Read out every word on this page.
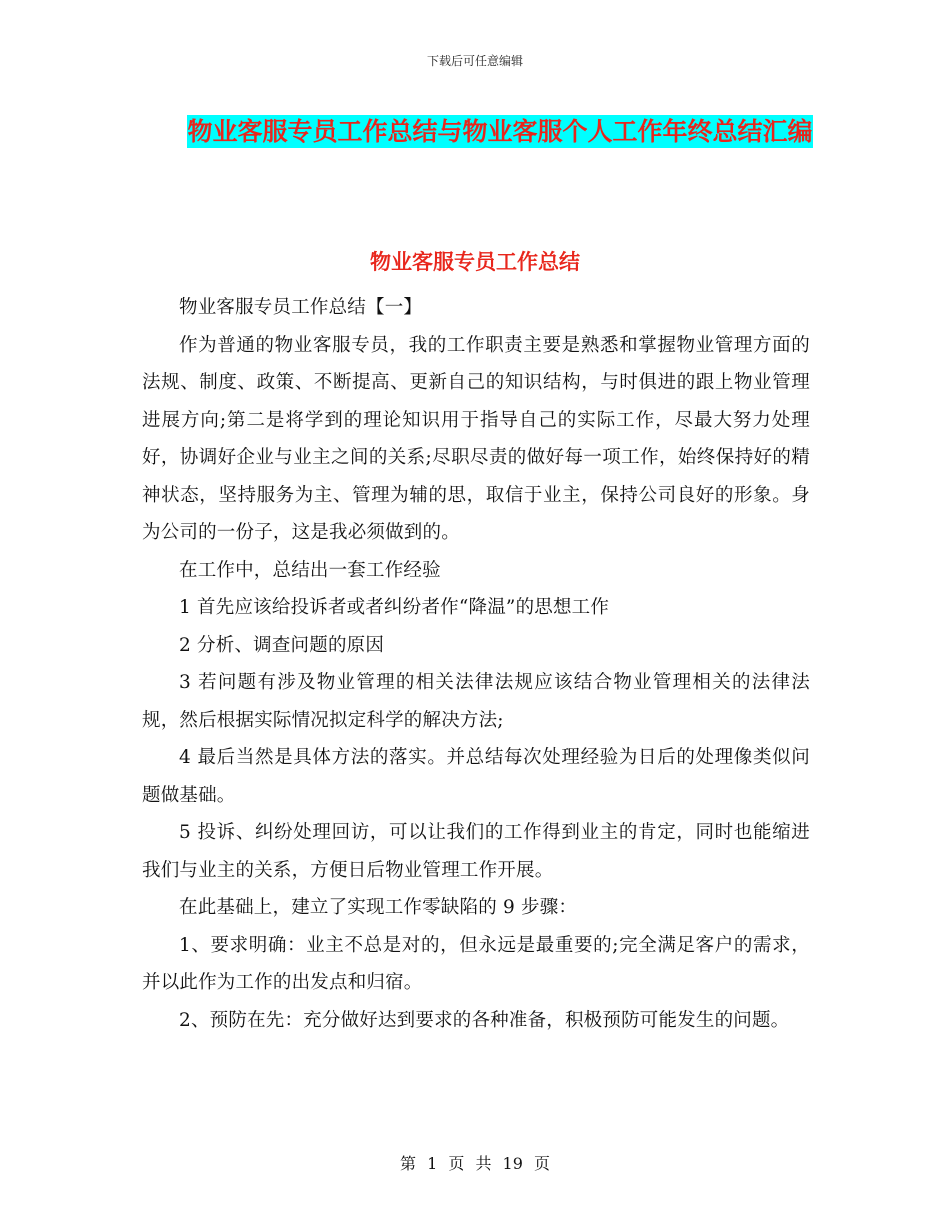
下载后可任意编辑
物业客服专员工作总结与物业客服个人工作年终总结汇编
物业客服专员工作总结

物业客服专员工作总结【一】

作为普通的物业客服专员，我的工作职责主要是熟悉和掌握物业管理方面的法规、制度、政策、不断提高、更新自己的知识结构，与时俱进的跟上物业管理进展方向;第二是将学到的理论知识用于指导自己的实际工作，尽最大努力处理好，协调好企业与业主之间的关系;尽职尽责的做好每一项工作，始终保持好的精神状态，坚持服务为主、管理为辅的思，取信于业主，保持公司良好的形象。身为公司的一份子，这是我必须做到的。

在工作中，总结出一套工作经验

1 首先应该给投诉者或者纠纷者作“降温”的思想工作

2 分析、调查问题的原因

3 若问题有涉及物业管理的相关法律法规应该结合物业管理相关的法律法规，然后根据实际情况拟定科学的解决方法;

4 最后当然是具体方法的落实。并总结每次处理经验为日后的处理像类似问题做基础。

5 投诉、纠纷处理回访，可以让我们的工作得到业主的肯定，同时也能缩进我们与业主的关系，方便日后物业管理工作开展。

在此基础上，建立了实现工作零缺陷的 9 步骤：

1、要求明确：业主不总是对的，但永远是最重要的;完全满足客户的需求，并以此作为工作的出发点和归宿。

2、预防在先：充分做好达到要求的各种准备，积极预防可能发生的问题。

第 1 页 共 19 页
